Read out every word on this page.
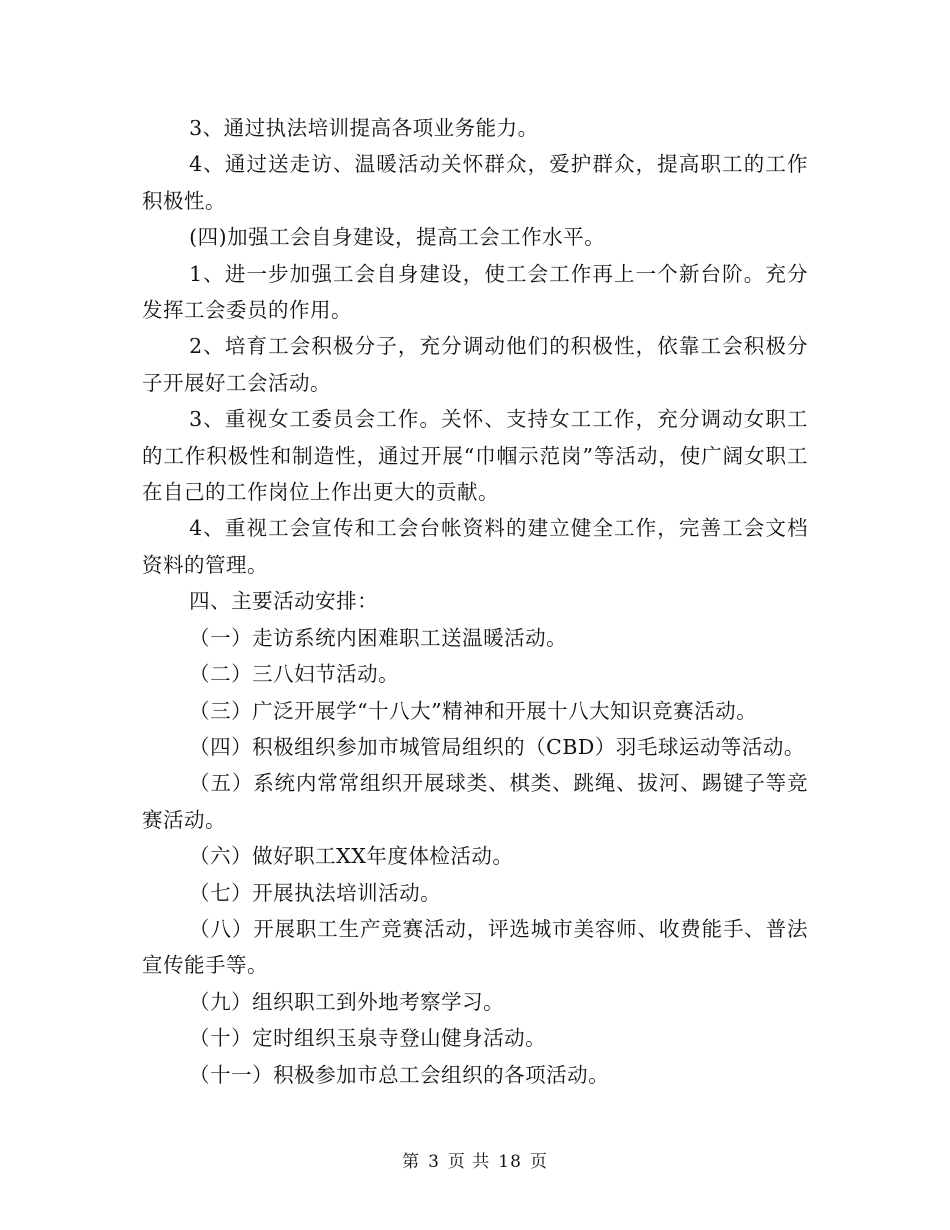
3、通过执法培训提高各项业务能力。

4、通过送走访、温暖活动关怀群众，爱护群众，提高职工的工作积极性。

(四)加强工会自身建设，提高工会工作水平。

1、进一步加强工会自身建设，使工会工作再上一个新台阶。充分发挥工会委员的作用。

2、培育工会积极分子，充分调动他们的积极性，依靠工会积极分子开展好工会活动。

3、重视女工委员会工作。关怀、支持女工工作，充分调动女职工的工作积极性和制造性，通过开展“巾帼示范岗”等活动，使广阔女职工在自己的工作岗位上作出更大的贡献。

4、重视工会宣传和工会台帐资料的建立健全工作，完善工会文档资料的管理。

四、主要活动安排：

（一）走访系统内困难职工送温暖活动。

（二）三八妇节活动。

（三）广泛开展学“十八大”精神和开展十八大知识竞赛活动。

（四）积极组织参加市城管局组织的（CBD）羽毛球运动等活动。

（五）系统内常常组织开展球类、棋类、跳绳、拔河、踢键子等竞赛活动。

（六）做好职工XX年度体检活动。

（七）开展执法培训活动。

（八）开展职工生产竞赛活动，评选城市美容师、收费能手、普法宣传能手等。

（九）组织职工到外地考察学习。

（十）定时组织玉泉寺登山健身活动。

（十一）积极参加市总工会组织的各项活动。

第 3 页 共 18 页
